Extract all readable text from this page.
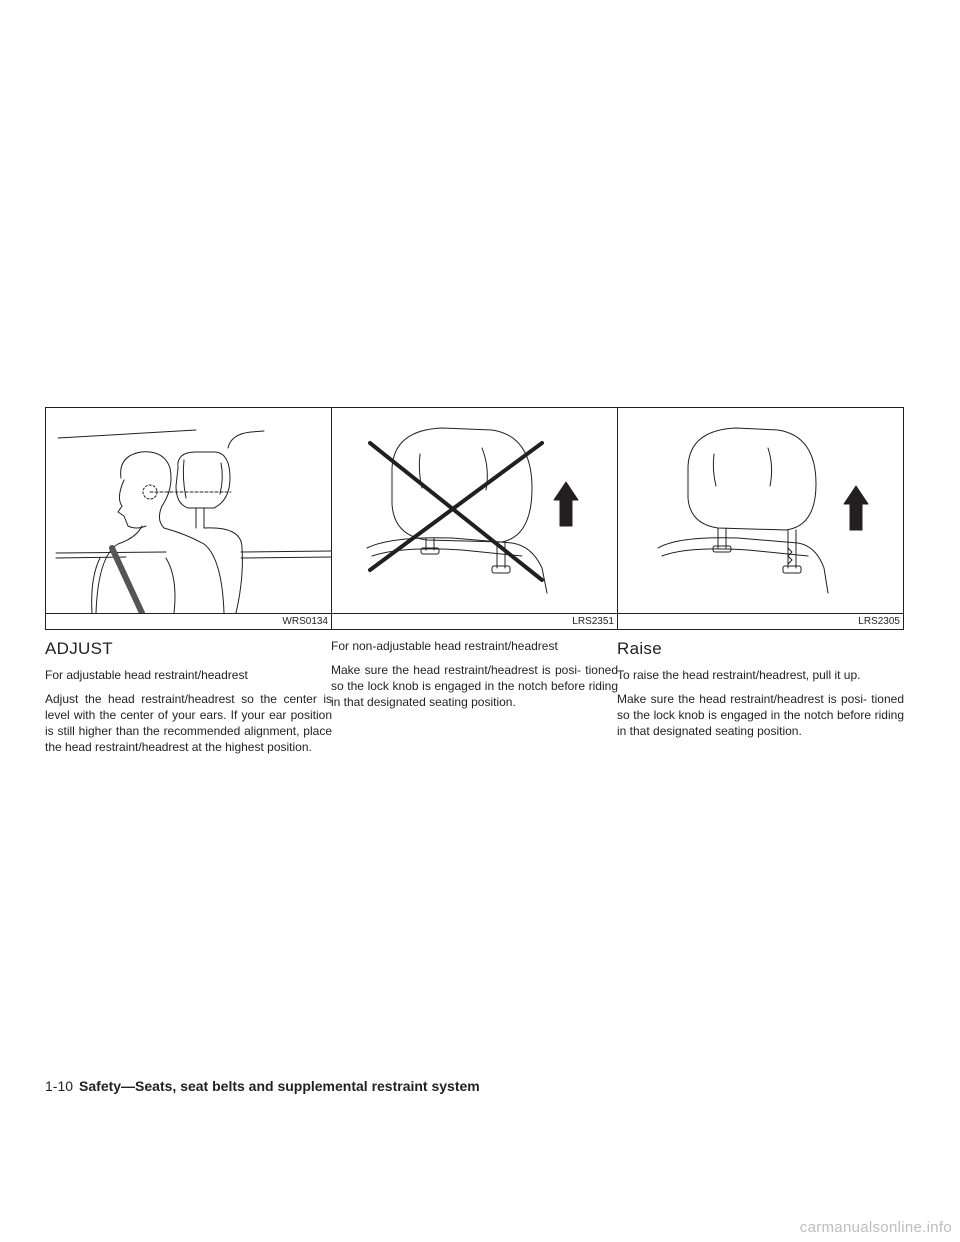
WRS0134
ADJUST

For adjustable head restraint/headrest

Adjust the head restraint/headrest so the center is level with the center of your ears. If your ear position is still higher than the recommended alignment, place the head restraint/headrest at the highest position.

LRS2351

For non-adjustable head restraint/headrest

Make sure the head restraint/headrest is posi- tioned so the lock knob is engaged in the notch before riding in that designated seating position.

LRS2305
Raise

To raise the head restraint/headrest, pull it up.

Make sure the head restraint/headrest is posi- tioned so the lock knob is engaged in the notch before riding in that designated seating position.

1-10 Safety—Seats, seat belts and supplemental restraint system
carmanualsonline.info
